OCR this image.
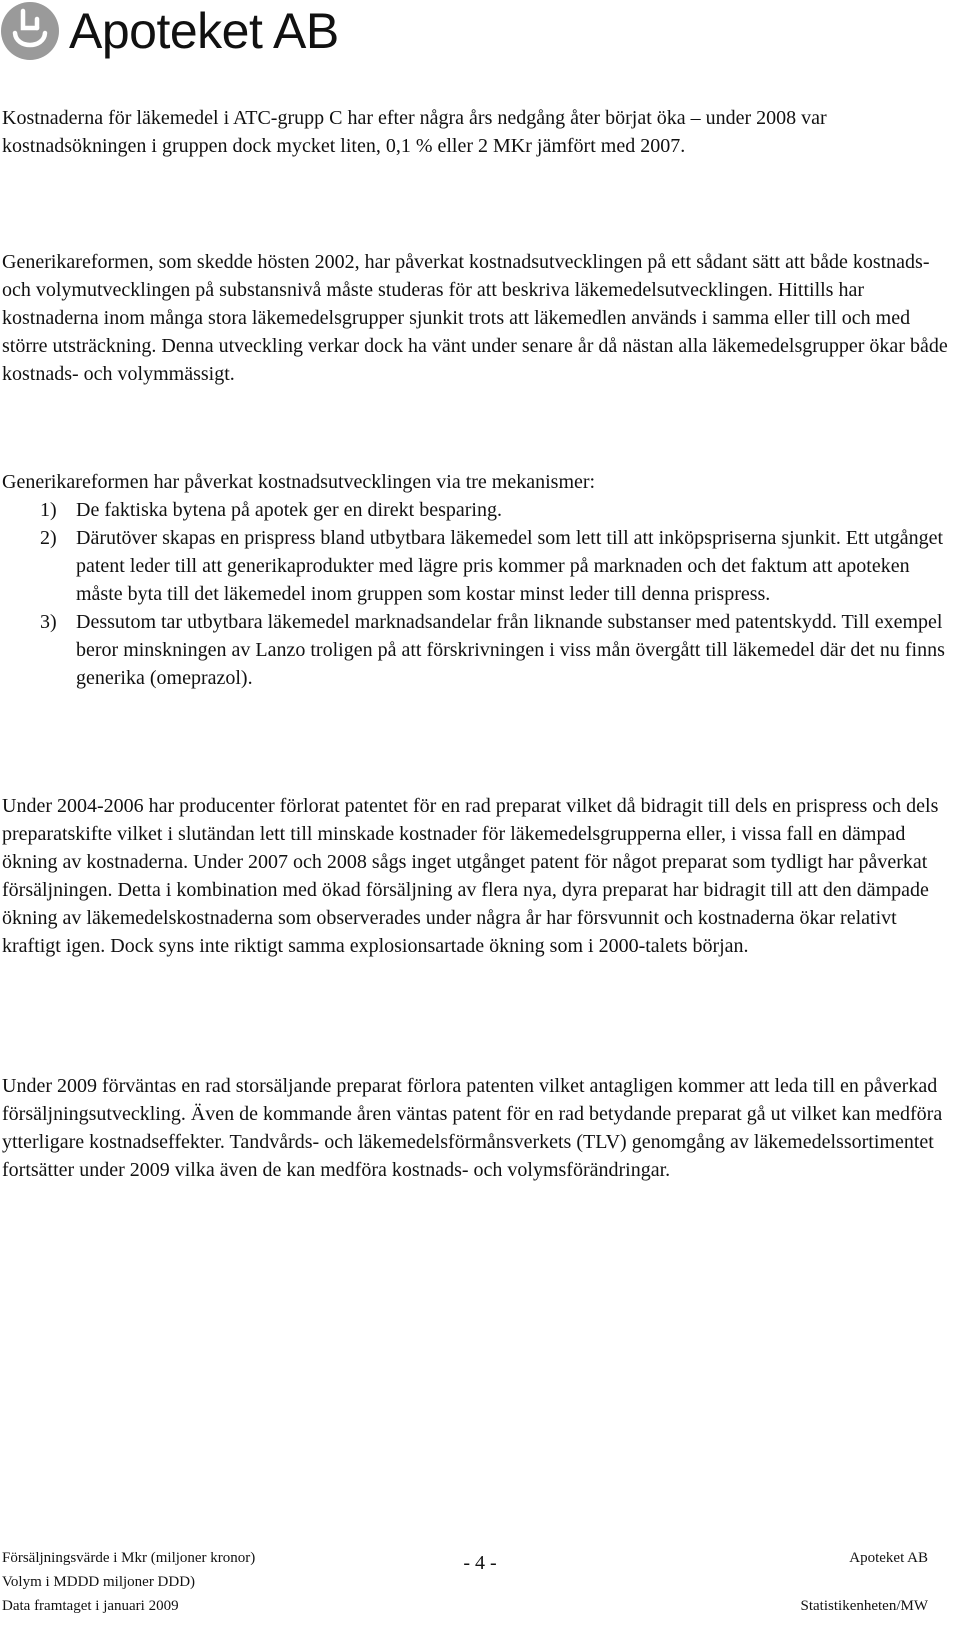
Apoteket AB

Kostnaderna för läkemedel i ATC-grupp C har efter några års nedgång åter börjat öka – under 2008 var kostnadsökningen i gruppen dock mycket liten, 0,1 % eller 2 MKr jämfört med 2007.

Generikareformen, som skedde hösten 2002, har påverkat kostnadsutvecklingen på ett sådant sätt att både kostnads- och volymutvecklingen på substansnivå måste studeras för att beskriva läkemedelsutvecklingen. Hittills har kostnaderna inom många stora läkemedelsgrupper sjunkit trots att läkemedlen används i samma eller till och med större utsträckning. Denna utveckling verkar dock ha vänt under senare år då nästan alla läkemedelsgrupper ökar både kostnads- och volymmässigt.

Generikareformen har påverkat kostnadsutvecklingen via tre mekanismer:
1) De faktiska bytena på apotek ger en direkt besparing.
2) Därutöver skapas en prispress bland utbytbara läkemedel som lett till att inköpspriserna sjunkit. Ett utgånget patent leder till att generikaprodukter med lägre pris kommer på marknaden och det faktum att apoteken måste byta till det läkemedel inom gruppen som kostar minst leder till denna prispress.
3) Dessutom tar utbytbara läkemedel marknadsandelar från liknande substanser med patentskydd. Till exempel beror minskningen av Lanzo troligen på att förskrivningen i viss mån övergått till läkemedel där det nu finns generika (omeprazol).

Under 2004-2006 har producenter förlorat patentet för en rad preparat vilket då bidragit till dels en prispress och dels preparatskifte vilket i slutändan lett till minskade kostnader för läkemedelsgrupperna eller, i vissa fall en dämpad ökning av kostnaderna. Under 2007 och 2008 sågs inget utgånget patent för något preparat som tydligt har påverkat försäljningen. Detta i kombination med ökad försäljning av flera nya, dyra preparat har bidragit till att den dämpade ökning av läkemedelskostnaderna som observerades under några år har försvunnit och kostnaderna ökar relativt kraftigt igen. Dock syns inte riktigt samma explosionsartade ökning som i 2000-talets början.

Under 2009 förväntas en rad storsäljande preparat förlora patenten vilket antagligen kommer att leda till en påverkad försäljningsutveckling. Även de kommande åren väntas patent för en rad betydande preparat gå ut vilket kan medföra ytterligare kostnadseffekter. Tandvårds- och läkemedelsförmånsverkets (TLV) genomgång av läkemedelssortimentet fortsätter under 2009 vilka även de kan medföra kostnads- och volymsförändringar.

Försäljningsvärde i Mkr (miljoner kronor)
Volym i MDDD miljoner DDD)
Data framtaget i januari 2009
- 4 -	Apoteket AB
Statistikenheten/MW
